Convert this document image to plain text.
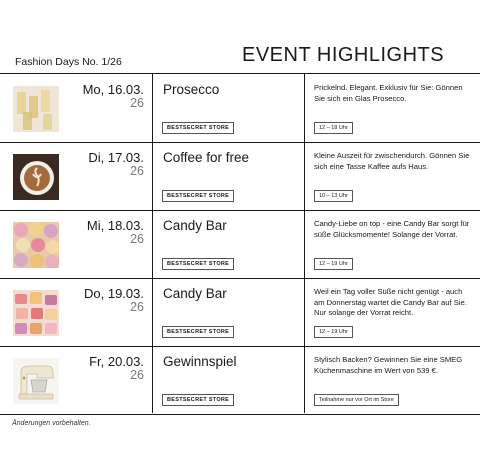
Fashion Days No. 1/26	EVENT HIGHLIGHTS
Mo, 16.03.
26
Prosecco
BESTSECRET STORE
Prickelnd. Elegant. Exklusiv für Sie: Gönnen Sie sich ein Glas Prosecco.
12 – 18 Uhr
Di, 17.03.
26
Coffee for free
BESTSECRET STORE
Kleine Auszeit für zwischendurch. Gönnen Sie sich eine Tasse Kaffee aufs Haus.
10 – 13 Uhr
Mi, 18.03.
26
Candy Bar
BESTSECRET STORE
Candy-Liebe on top - eine Candy Bar sorgt für süße Glücksmomente! Solange der Vorrat.
12 – 19 Uhr
Do, 19.03.
26
Candy Bar
BESTSECRET STORE
Weil ein Tag voller Süße nicht genügt - auch am Donnerstag wartet die Candy Bar auf Sie. Nur solange der Vorrat reicht.
12 – 19 Uhr
Fr, 20.03.
26
Gewinnspiel
BESTSECRET STORE
Stylisch Backen? Gewinnen Sie eine SMEG Küchenmaschine im Wert von 539 €.
Teilnahme nur vor Ort im Store
Änderungen vorbehalten.
